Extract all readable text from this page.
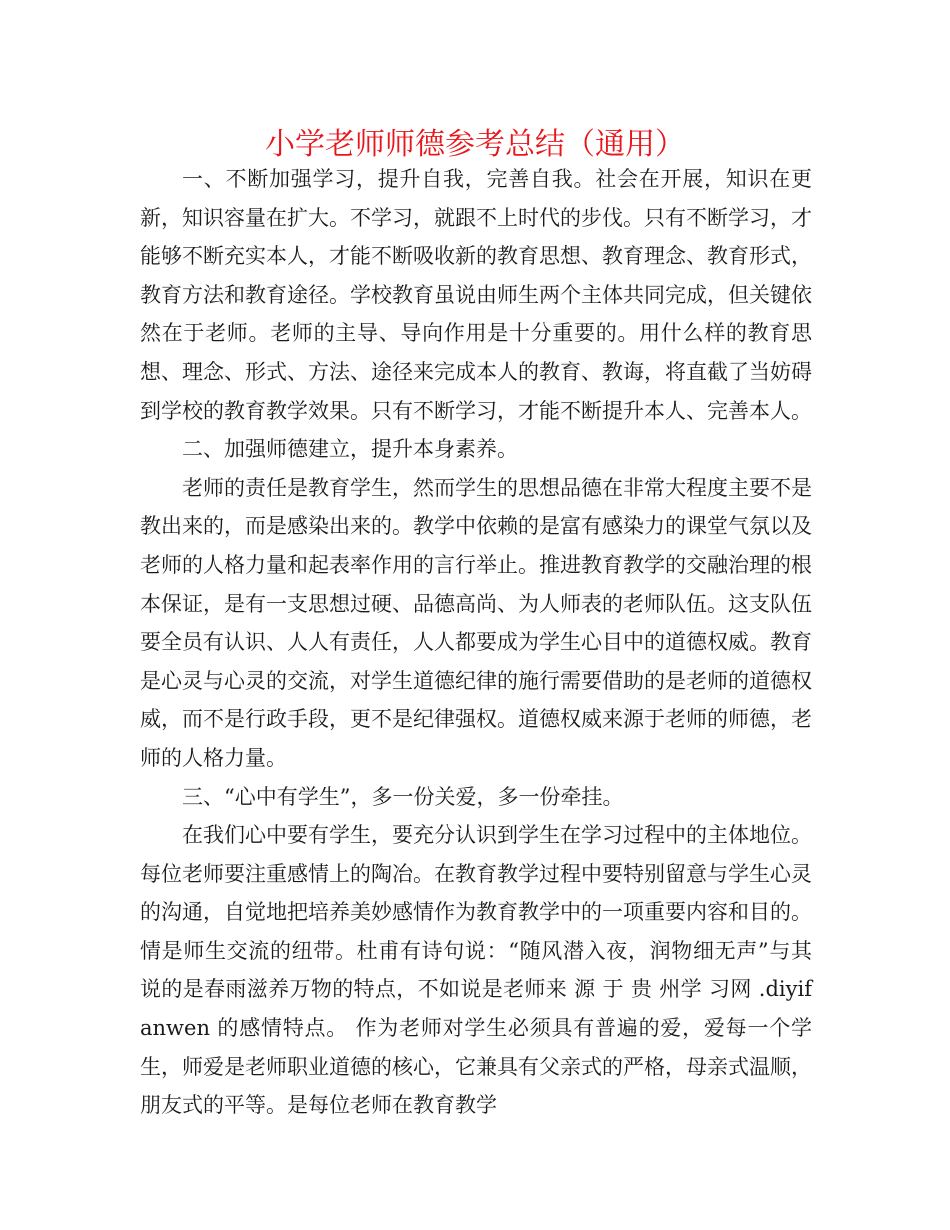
小学老师师德参考总结（通用）

一、不断加强学习，提升自我，完善自我。社会在开展，知识在更新，知识容量在扩大。不学习，就跟不上时代的步伐。只有不断学习，才能够不断充实本人，才能不断吸收新的教育思想、教育理念、教育形式，教育方法和教育途径。学校教育虽说由师生两个主体共同完成，但关键依然在于老师。老师的主导、导向作用是十分重要的。用什么样的教育思想、理念、形式、方法、途径来完成本人的教育、教诲，将直截了当妨碍到学校的教育教学效果。只有不断学习，才能不断提升本人、完善本人。

二、加强师德建立，提升本身素养。

老师的责任是教育学生，然而学生的思想品德在非常大程度主要不是教出来的，而是感染出来的。教学中依赖的是富有感染力的课堂气氛以及老师的人格力量和起表率作用的言行举止。推进教育教学的交融治理的根本保证，是有一支思想过硬、品德高尚、为人师表的老师队伍。这支队伍要全员有认识、人人有责任，人人都要成为学生心目中的道德权威。教育是心灵与心灵的交流，对学生道德纪律的施行需要借助的是老师的道德权威，而不是行政手段，更不是纪律强权。道德权威来源于老师的师德，老师的人格力量。

三、“心中有学生”，多一份关爱，多一份牵挂。

在我们心中要有学生，要充分认识到学生在学习过程中的主体地位。每位老师要注重感情上的陶冶。在教育教学过程中要特别留意与学生心灵的沟通，自觉地把培养美妙感情作为教育教学中的一项重要内容和目的。情是师生交流的纽带。杜甫有诗句说：“随风潜入夜，润物细无声”与其说的是春雨滋养万物的特点，不如说是老师来 源 于 贵 州学 习网 .diyifanwen 的感情特点。 作为老师对学生必须具有普遍的爱，爱每一个学生，师爱是老师职业道德的核心，它兼具有父亲式的严格，母亲式温顺，朋友式的平等。是每位老师在教育教学
